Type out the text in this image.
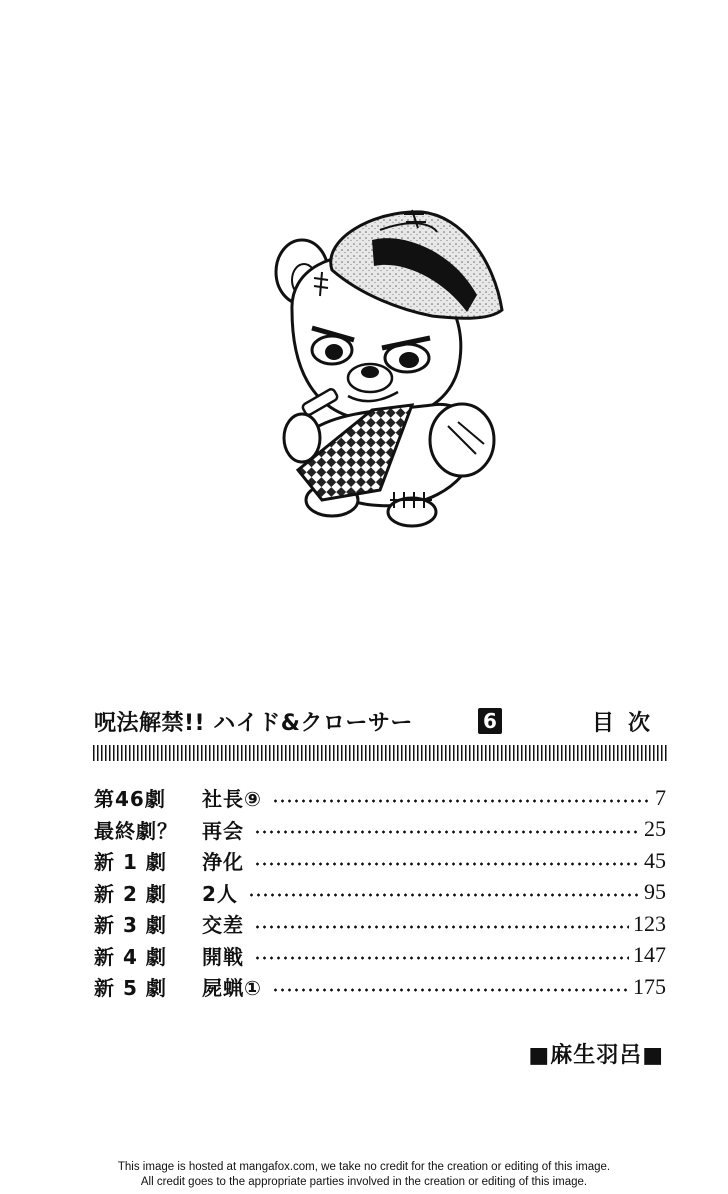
呪法解禁!! ハイド&クローサー	6	目次
第46劇	社長⑨	7
最終劇？	再会	25
新 1 劇	浄化	45
新 2 劇	2人	95
新 3 劇	交差	123
新 4 劇	開戦	147
新 5 劇	屍蝋①	175
■麻生羽呂■
This image is hosted at mangafox.com, we take no credit for the creation or editing of this image.
All credit goes to the appropriate parties involved in the creation or editing of this image.
